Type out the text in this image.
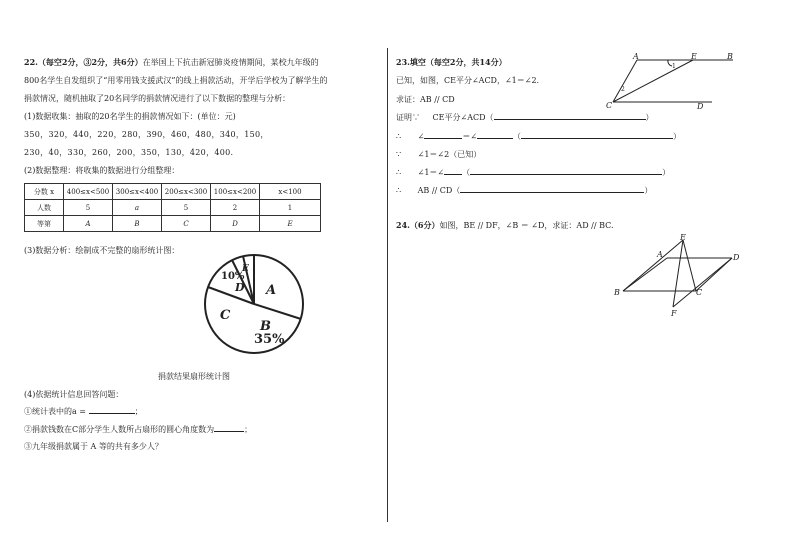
22.（每空2分，③2分，共6分）在举国上下抗击新冠肺炎疫情期间，某校九年级的
800名学生自发组织了“用零用钱支援武汉”的线上捐款活动，开学后学校为了解学生的
捐款情况，随机抽取了20名同学的捐款情况进行了以下数据的整理与分析：
(1)数据收集：抽取的20名学生的捐款情况如下：(单位：元)
350，320，440，220，280，390，460，480，340，150，
230，40，330，260，200，350，130，420，400.
(2)数据整理：将收集的数据进行分组整理：
分数 x	400≤x<500	300≤x<400	200≤x<300	100≤x<200	x<100
人数	5	a	5	2	1
等第	A	B	C	D	E
(3)数据分析：绘制成不完整的扇形统计图：
A
B
C
D
E
10%
35%
捐款结果扇形统计图
(4)依据统计信息回答问题：
①统计表中的a =	；
②捐款钱数在C部分学生人数所占扇形的圆心角度数为	；
③九年级捐款属于 A 等的共有多少人？
23.填空（每空2分，共14分）
已知，如图，CE平分∠ACD，∠1＝∠2.
求证：AB // CD
证明∵ CE平分∠ACD（	）
∴ ∠	＝∠	（	）
∵ ∠1＝∠2（已知）
∴ ∠1＝∠ （	）
∴ AB // CD（	）
A	E	B
C	D
1
2
24.（6分）如图，BE // DF，∠B ＝ ∠D，求证：AD // BC.
A
B	C
D
E
F
